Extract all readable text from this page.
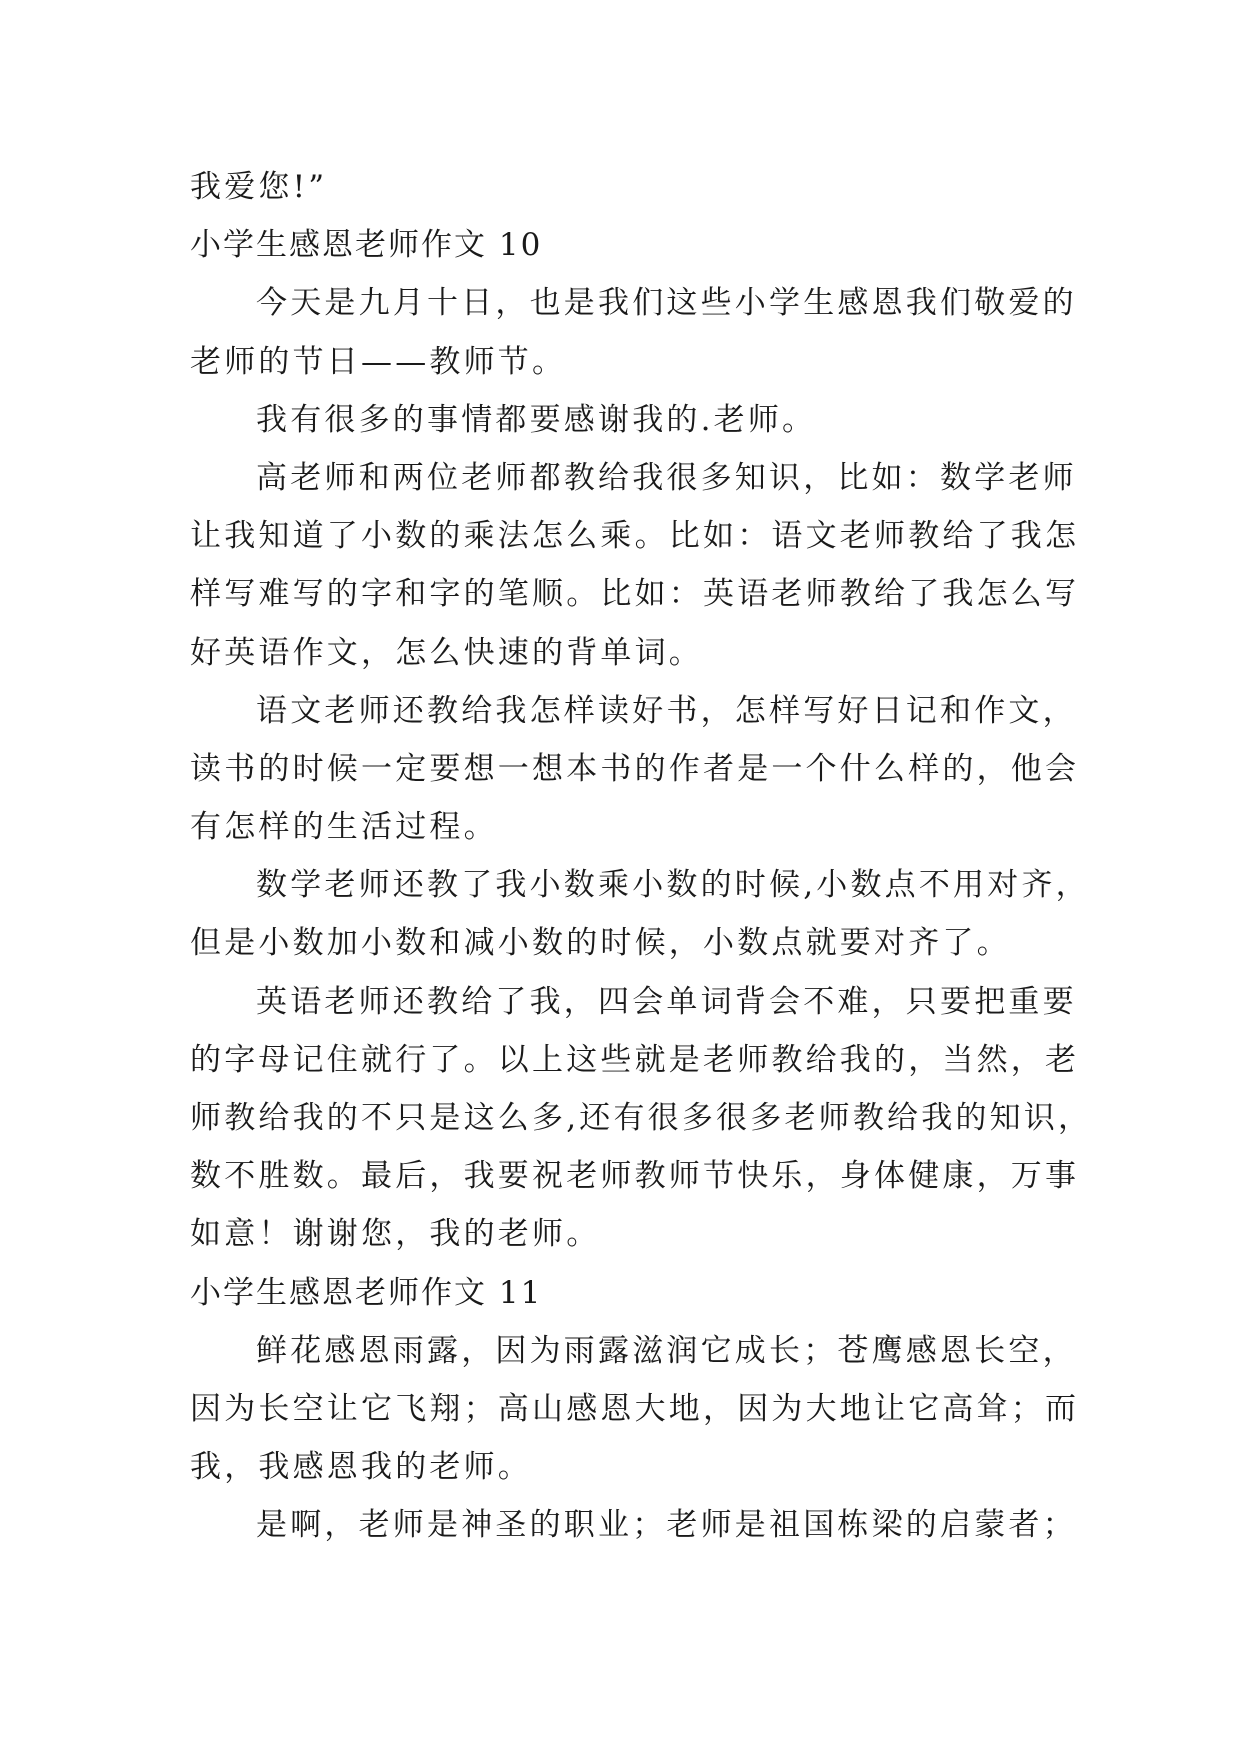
我爱您!”
小学生感恩老师作文 10
今天是九月十日，也是我们这些小学生感恩我们敬爱的
老师的节日——教师节。
我有很多的事情都要感谢我的.老师。
高老师和两位老师都教给我很多知识，比如：数学老师
让我知道了小数的乘法怎么乘。比如：语文老师教给了我怎
样写难写的字和字的笔顺。比如：英语老师教给了我怎么写
好英语作文，怎么快速的背单词。
语文老师还教给我怎样读好书，怎样写好日记和作文，
读书的时候一定要想一想本书的作者是一个什么样的，他会
有怎样的生活过程。
数学老师还教了我小数乘小数的时候,小数点不用对齐，
但是小数加小数和减小数的时候，小数点就要对齐了。
英语老师还教给了我，四会单词背会不难，只要把重要
的字母记住就行了。以上这些就是老师教给我的，当然，老
师教给我的不只是这么多,还有很多很多老师教给我的知识，
数不胜数。最后，我要祝老师教师节快乐，身体健康，万事
如意！谢谢您，我的老师。
小学生感恩老师作文 11
鲜花感恩雨露，因为雨露滋润它成长；苍鹰感恩长空，
因为长空让它飞翔；高山感恩大地，因为大地让它高耸；而
我，我感恩我的老师。
是啊，老师是神圣的职业；老师是祖国栋梁的启蒙者；
